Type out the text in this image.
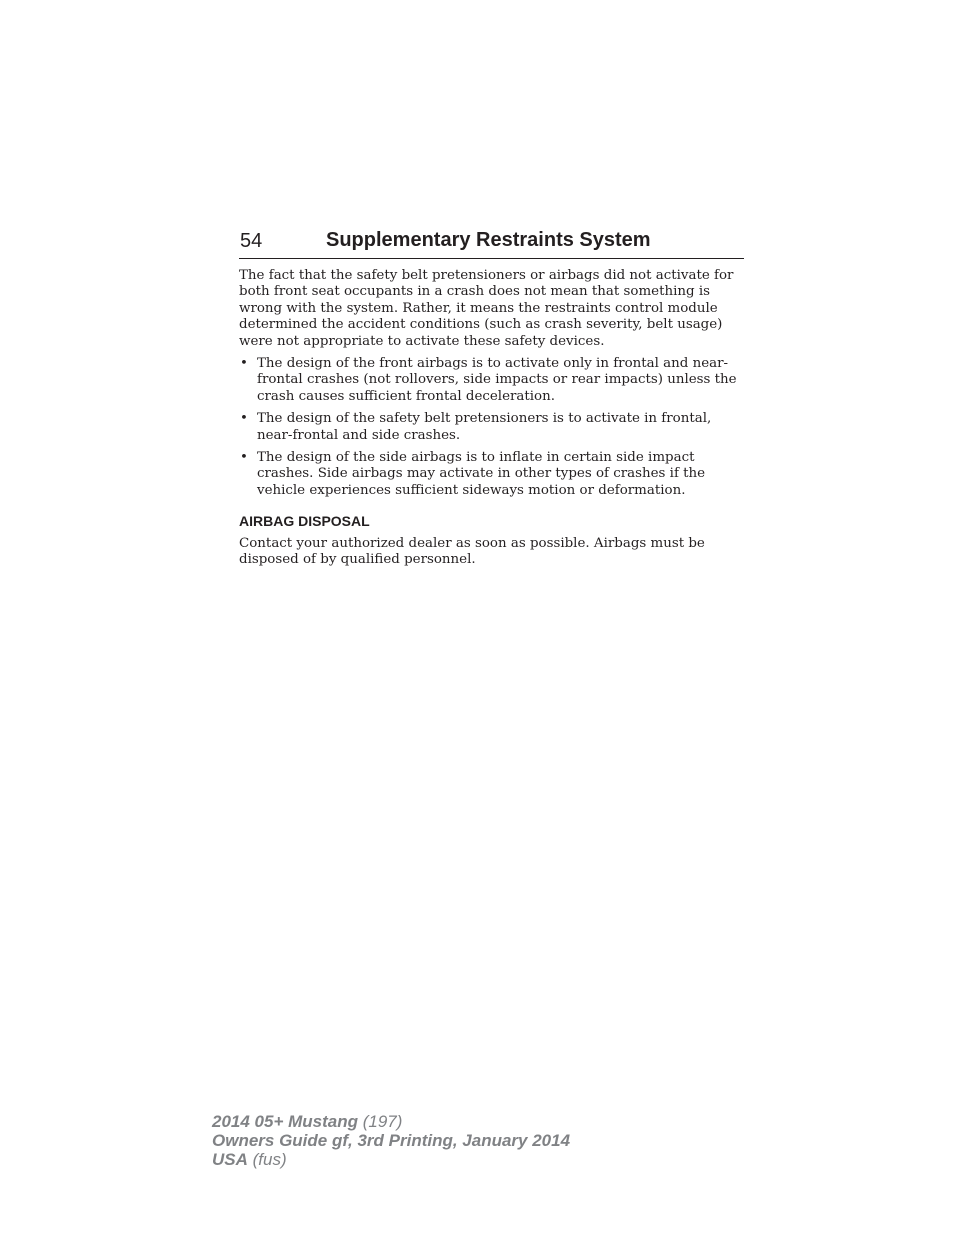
54	Supplementary Restraints System

The fact that the safety belt pretensioners or airbags did not activate for both front seat occupants in a crash does not mean that something is wrong with the system. Rather, it means the restraints control module determined the accident conditions (such as crash severity, belt usage) were not appropriate to activate these safety devices.

• The design of the front airbags is to activate only in frontal and near-frontal crashes (not rollovers, side impacts or rear impacts) unless the crash causes sufficient frontal deceleration.
• The design of the safety belt pretensioners is to activate in frontal, near-frontal and side crashes.
• The design of the side airbags is to inflate in certain side impact crashes. Side airbags may activate in other types of crashes if the vehicle experiences sufficient sideways motion or deformation.
AIRBAG DISPOSAL

Contact your authorized dealer as soon as possible. Airbags must be disposed of by qualified personnel.

2014 05+ Mustang (197)
Owners Guide gf, 3rd Printing, January 2014
USA (fus)
